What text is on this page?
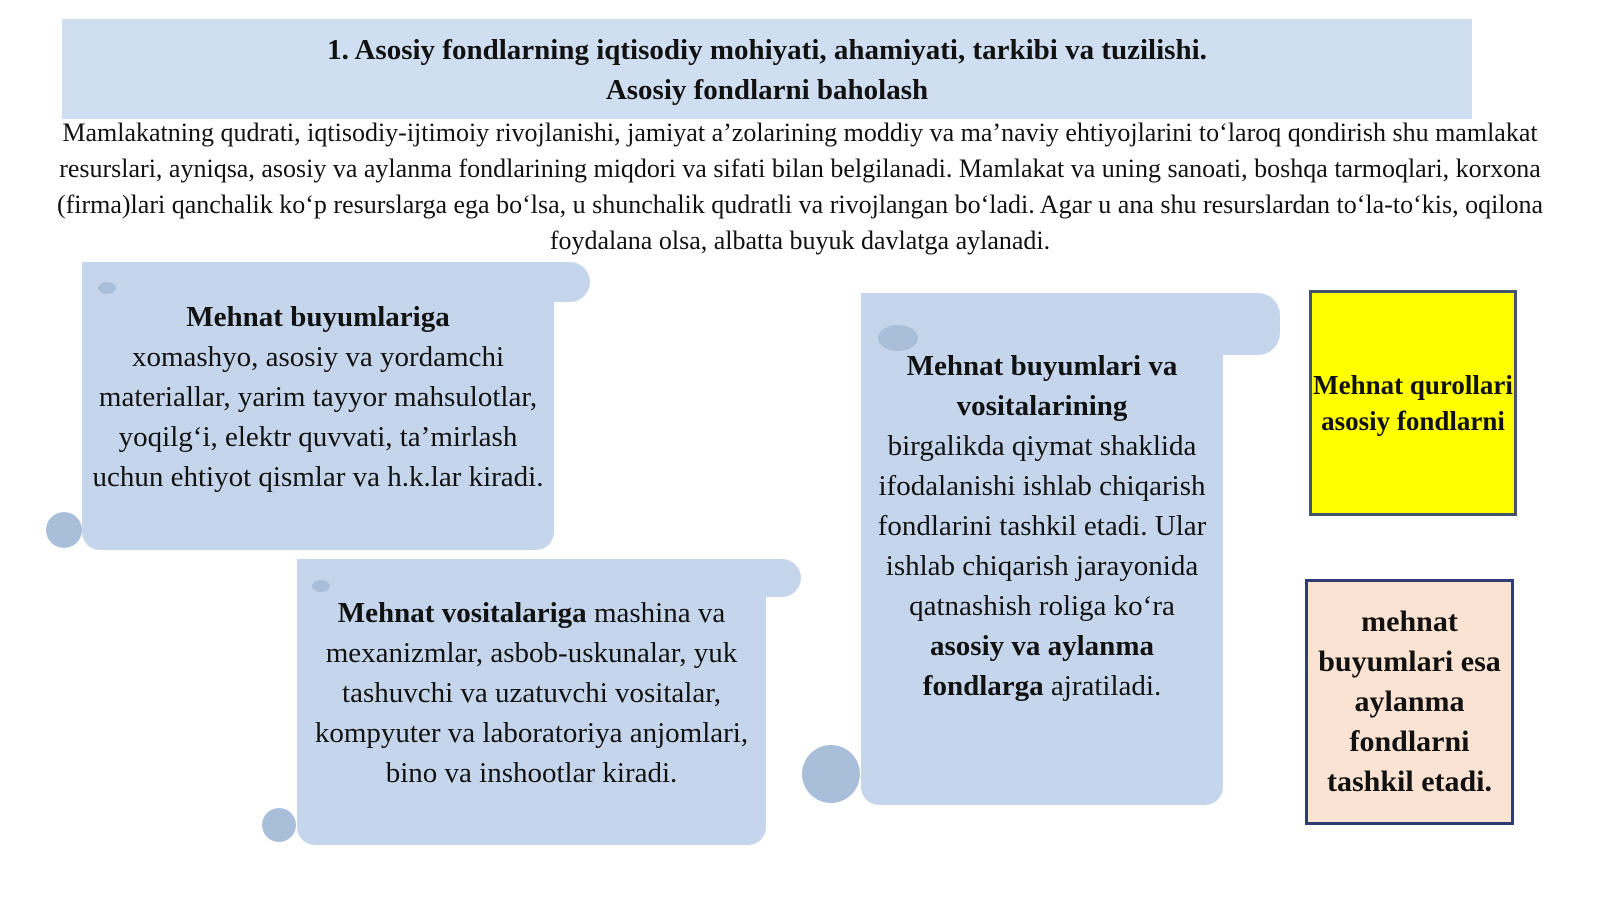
1. Asosiy fondlarning iqtisodiy mohiyati, ahamiyati, tarkibi va tuzilishi.
Asosiy fondlarni baholash
Mamlakatning qudrati, iqtisodiy-ijtimoiy rivojlanishi, jamiyat a’zolarining moddiy va ma’naviy ehtiyojlarini to‘laroq qondirish shu mamlakat resurslari, ayniqsa, asosiy va aylanma fondlarining miqdori va sifati bilan belgilanadi. Mamlakat va uning sanoati, boshqa tarmoqlari, korxona (firma)lari qanchalik ko‘p resurslarga ega bo‘lsa, u shunchalik qudratli va rivojlangan bo‘ladi. Agar u ana shu resurslardan to‘la-to‘kis, oqilona foydalana olsa, albatta buyuk davlatga aylanadi.
Mehnat buyumlariga
xomashyo, asosiy va yordamchi materiallar, yarim tayyor mahsulotlar, yoqilg‘i, elektr quvvati, ta’mirlash uchun ehtiyot qismlar va h.k.lar kiradi.
Mehnat vositalariga mashina va mexanizmlar, asbob-uskunalar, yuk tashuvchi va uzatuvchi vositalar, kompyuter va laboratoriya anjomlari, bino va inshootlar kiradi.
Mehnat buyumlari va vositalarining
birgalikda qiymat shaklida ifodalanishi ishlab chiqarish fondlarini tashkil etadi. Ular ishlab chiqarish jarayonida qatnashish roliga ko‘ra asosiy va aylanma fondlarga ajratiladi.
Mehnat qurollari asosiy fondlarni
mehnat buyumlari esa aylanma fondlarni tashkil etadi.
